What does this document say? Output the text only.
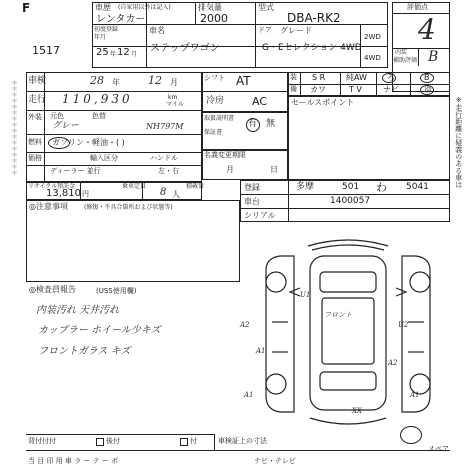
F
1517
車歴 (自家用以外は記入)
レンタカー
排気量
2000
型式
DBA-RK2
初度登録
年月
25 年 12 月
車名
ステップワゴン
ドア グレード
G・Eセレクション 4WD
2WD
4WD
評価点
4
内装
補助評価 B
※走行距離に疑義のある車は
車検	28 年	12 月
走行 110,930	km
マイル
外装 元色	色替
グレー	NH797M
燃料 ガソリン・軽油・( )
価格	輸入区分	ハンドル
ディーラー 並行	左・右
リサイクル預託金
13,810 円
乗車定員
8 人
積載量
シフト AT
冷房	AC
取扱説明書
保証書
有 無
名義変更期限
月	日
装 S R	純AW	ろ	B
備 カワ	T V	ナビ	ゆ
セールスポイント
登録	多摩	501 わ 5041
車台	1400057
シリアル
◎注意事項	(修復・不具合箇所および状態等)
◎検査員報告	(USS使用欄)
内装汚れ 天井汚れ
カップラー ホイール少キズ
フロントガラス キズ
＊＊＊＊＊＊＊＊＊＊＊＊＊＊＊＊
フロント
A2
A1
A1
U1
U2
XX
A1
A2
背付付付	後付	付	車検証上の寸法
スペア
当 目 印 用 車 ラ ー テ ー ポ	ナビ・テレビ
